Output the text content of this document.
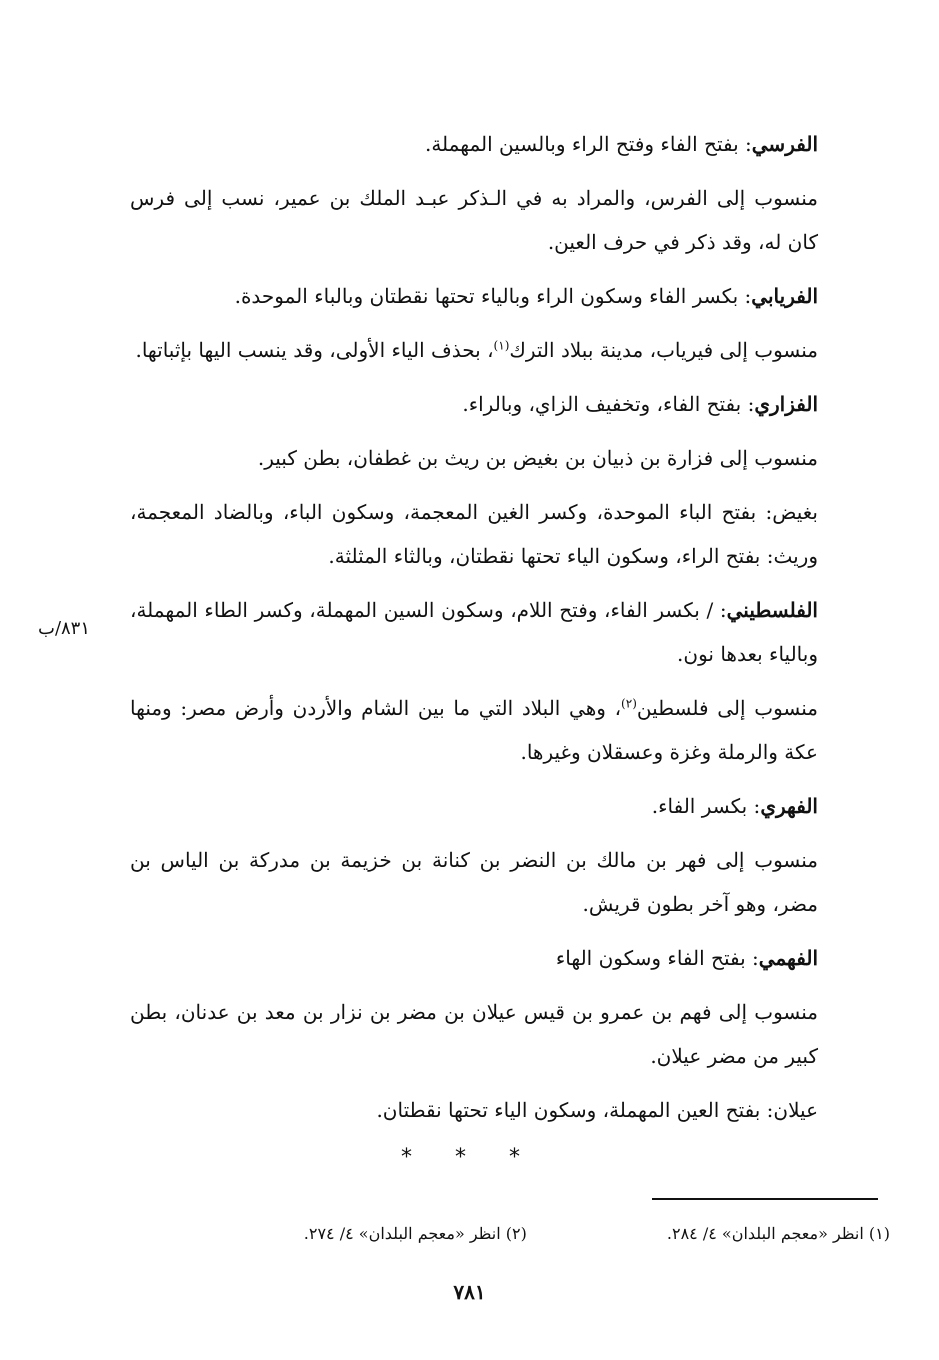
الفرسي: بفتح الفاء وفتح الراء وبالسين المهملة.

منسوب إلى الفرس، والمراد به في الـذكر عبـد الملك بن عمير، نسب إلى فرس كان له، وقد ذكر في حرف العين.

الفريابي: بكسر الفاء وسكون الراء وبالياء تحتها نقطتان وبالباء الموحدة.

منسوب إلى فيرياب، مدينة ببلاد الترك$^{(١)}$، بحذف الياء الأولى، وقد ينسب اليها بإثباتها.

الفزاري: بفتح الفاء، وتخفيف الزاي، وبالراء.

منسوب إلى فزارة بن ذبيان بن بغيض بن ريث بن غطفان، بطن كبير.

بغيض: بفتح الباء الموحدة، وكسر الغين المعجمة، وسكون الباء، وبالضاد المعجمة، وريث: بفتح الراء، وسكون الياء تحتها نقطتان، وبالثاء المثلثة.

الفلسطيني: / بكسر الفاء، وفتح اللام، وسكون السين المهملة، وكسر الطاء المهملة، وبالياء بعدها نون.

منسوب إلى فلسطين$^{(٢)}$، وهي البلاد التي ما بين الشام والأردن وأرض مصر: ومنها عكة والرملة وغزة وعسقلان وغيرها.

الفهري: بكسر الفاء.

منسوب إلى فهر بن مالك بن النضر بن كنانة بن خزيمة بن مدركة بن الياس بن مضر، وهو آخر بطون قريش.

الفهمي: بفتح الفاء وسكون الهاء

منسوب إلى فهم بن عمرو بن قيس عيلان بن مضر بن نزار بن معد بن عدنان، بطن كبير من مضر عيلان.

عيلان: بفتح العين المهملة، وسكون الياء تحتها نقطتان.

٨٣١/ب
* * *
(١) انظر «معجم البلدان» ٤/ ٢٨٤.
(٢) انظر «معجم البلدان» ٤/ ٢٧٤.
٧٨١
